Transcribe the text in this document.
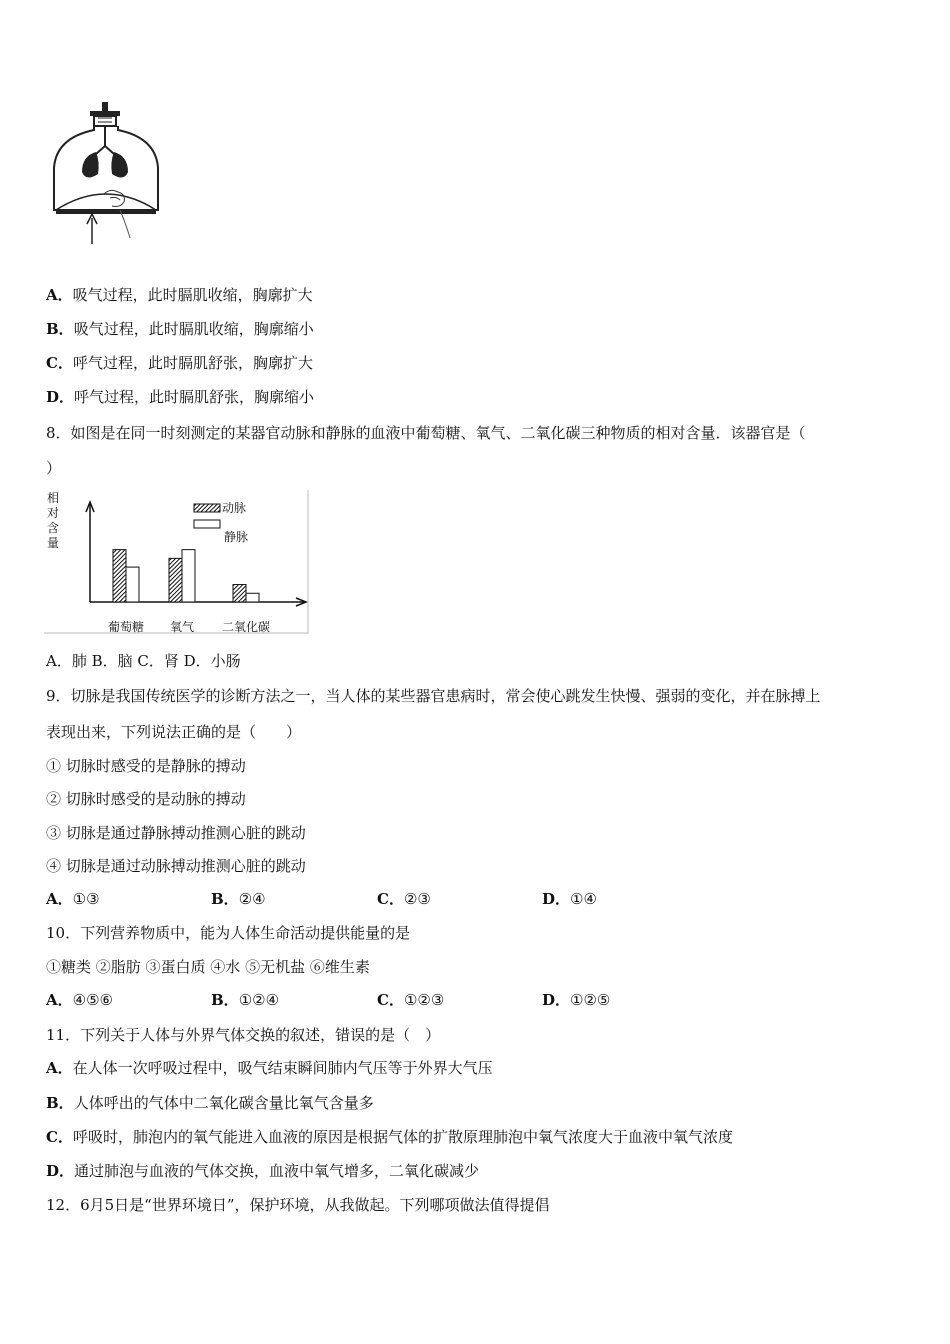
A．吸气过程，此时膈肌收缩，胸廓扩大
B．吸气过程，此时膈肌收缩，胸廓缩小
C．呼气过程，此时膈肌舒张，胸廓扩大
D．呼气过程，此时膈肌舒张，胸廓缩小
8．如图是在同一时刻测定的某器官动脉和静脉的血液中葡萄糖、氧气、二氧化碳三种物质的相对含量．该器官是（
）
相
对
含
量
葡萄糖 氧气 二氧化碳
动脉
静脉
A．肺 B．脑 C．肾 D．小肠
9．切脉是我国传统医学的诊断方法之一，当人体的某些器官患病时，常会使心跳发生快慢、强弱的变化，并在脉搏上
表现出来，下列说法正确的是（　　）
① 切脉时感受的是静脉的搏动
② 切脉时感受的是动脉的搏动
③ 切脉是通过静脉搏动推测心脏的跳动
④ 切脉是通过动脉搏动推测心脏的跳动
A．①③	B．②④	C．②③	D．①④
10．下列营养物质中，能为人体生命活动提供能量的是
①糖类 ②脂肪 ③蛋白质 ④水 ⑤无机盐 ⑥维生素
A．④⑤⑥	B．①②④	C．①②③	D．①②⑤
11．下列关于人体与外界气体交换的叙述，错误的是（　）
A．在人体一次呼吸过程中，吸气结束瞬间肺内气压等于外界大气压
B．人体呼出的气体中二氧化碳含量比氧气含量多
C．呼吸时，肺泡内的氧气能进入血液的原因是根据气体的扩散原理肺泡中氧气浓度大于血液中氧气浓度
D．通过肺泡与血液的气体交换，血液中氧气增多，二氧化碳减少
12．6月5日是“世界环境日”，保护环境，从我做起。下列哪项做法值得提倡
